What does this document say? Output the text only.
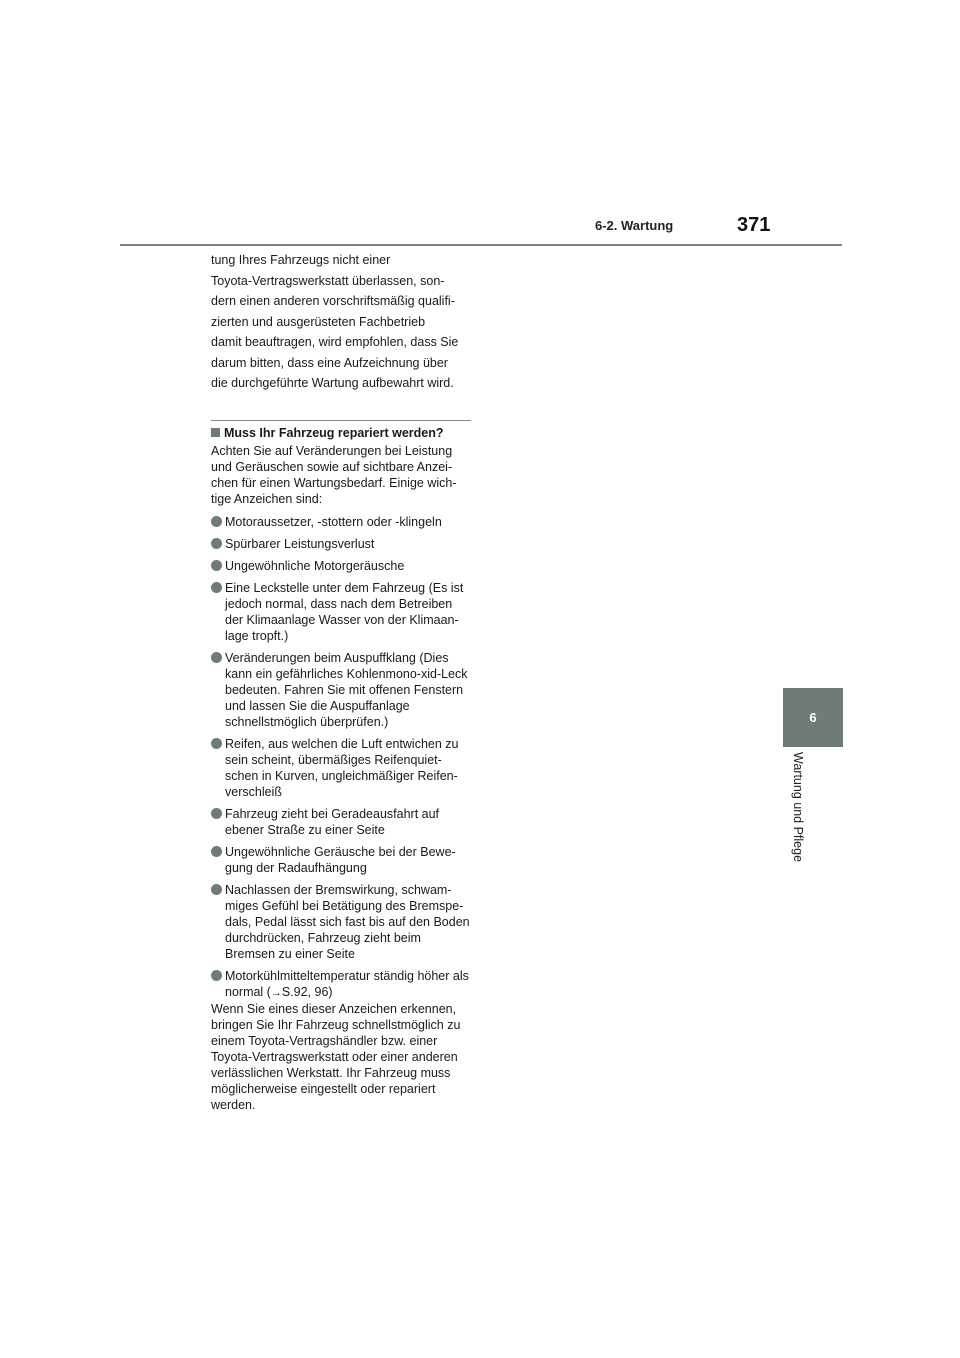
6-2. Wartung	371
6
Wartung und Pflege

tung Ihres Fahrzeugs nicht einer

Toyota-Vertragswerkstatt überlassen, son-

dern einen anderen vorschriftsmäßig qualifi-

zierten und ausgerüsteten Fachbetrieb

damit beauftragen, wird empfohlen, dass Sie

darum bitten, dass eine Aufzeichnung über

die durchgeführte Wartung aufbewahrt wird.

Muss Ihr Fahrzeug repariert werden?

Achten Sie auf Veränderungen bei Leistung und Geräuschen sowie auf sichtbare Anzei-chen für einen Wartungsbedarf. Einige wich-tige Anzeichen sind:

Motoraussetzer, -stottern oder -klingeln
Spürbarer Leistungsverlust
Ungewöhnliche Motorgeräusche
Eine Leckstelle unter dem Fahrzeug (Es ist jedoch normal, dass nach dem Betreiben der Klimaanlage Wasser von der Klimaan-lage tropft.)
Veränderungen beim Auspuffklang (Dies kann ein gefährliches Kohlenmono-xid-Leck bedeuten. Fahren Sie mit offenen Fenstern und lassen Sie die Auspuffanlage schnellstmöglich überprüfen.)
Reifen, aus welchen die Luft entwichen zu sein scheint, übermäßiges Reifenquiet-schen in Kurven, ungleichmäßiger Reifen-verschleiß
Fahrzeug zieht bei Geradeausfahrt auf ebener Straße zu einer Seite
Ungewöhnliche Geräusche bei der Bewe-gung der Radaufhängung
Nachlassen der Bremswirkung, schwam-miges Gefühl bei Betätigung des Bremspe-dals, Pedal lässt sich fast bis auf den Boden durchdrücken, Fahrzeug zieht beim Bremsen zu einer Seite
Motorkühlmitteltemperatur ständig höher als normal (→S.92, 96)

Wenn Sie eines dieser Anzeichen erkennen, bringen Sie Ihr Fahrzeug schnellstmöglich zu einem Toyota-Vertragshändler bzw. einer Toyota-Vertragswerkstatt oder einer anderen verlässlichen Werkstatt. Ihr Fahrzeug muss möglicherweise eingestellt oder repariert werden.
